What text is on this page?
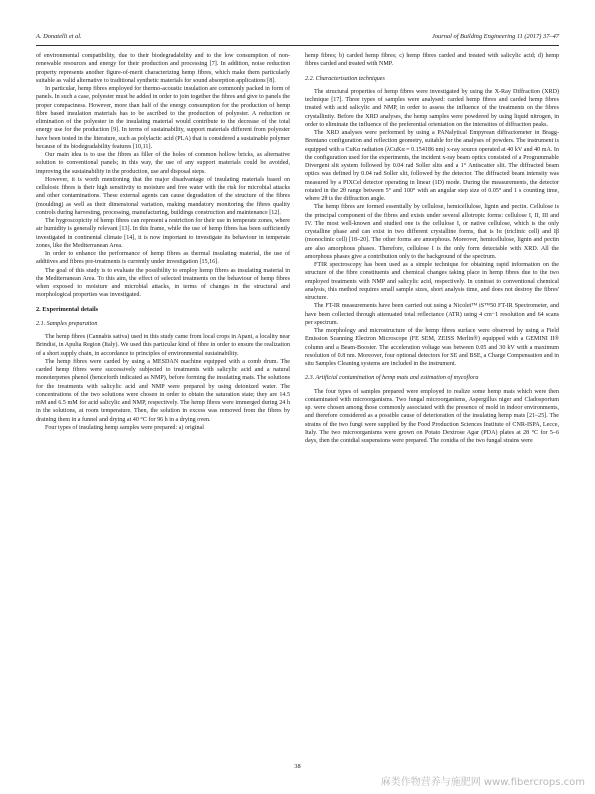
A. Donatelli et al.	Journal of Building Engineering 11 (2017) 37–47

of environmental compatibility, due to their biodegradability and to the low consumption of non-renewable resources and energy for their production and processing [7]. In addition, noise reduction property represents another figure-of-merit characterizing hemp fibres, which make them particularly suitable as valid alternative to traditional synthetic materials for sound absorption applications [8].

In particular, hemp fibres employed for thermo-acoustic insulation are commonly packed in form of panels. In such a case, polyester must be added in order to join together the fibres and give to panels the proper compactness. However, more than half of the energy consumption for the production of hemp fibre based insulation materials has to be ascribed to the production of polyester. A reduction or elimination of the polyester in the insulating material would contribute to the decrease of the total energy use for the production [9]. In terms of sustainability, support materials different from polyester have been tested in the literature, such as polylactic acid (PLA) that is considered a sustainable polymer because of its biodegradability features [10,11].

Our main idea is to use the fibres as filler of the holes of common hollow bricks, as alternative solution to conventional panels; in this way, the use of any support materials could be avoided, improving the sustainability in the production, use and disposal steps.

However, it is worth mentioning that the major disadvantage of insulating materials based on cellulosic fibres is their high sensitivity to moisture and free water with the risk for microbial attacks and other contaminations. These external agents can cause degradation of the structure of the fibres (moulding) as well as their dimensional variation, making mandatory monitoring the fibres quality controls during harvesting, processing, manufacturing, buildings construction and maintenance [12].

The hygroscopicity of hemp fibres can represent a restriction for their use in temperate zones, where air humidity is generally relevant [13]. In this frame, while the use of hemp fibres has been sufficiently investigated in continental climate [14], it is now important to investigate its behaviour in temperate zones, like the Mediterranean Area.

In order to enhance the performance of hemp fibres as thermal insulating material, the use of additives and fibres pre-treatments is currently under investigation [15,16].

The goal of this study is to evaluate the possibility to employ hemp fibres as insulating material in the Mediterranean Area. To this aim, the effect of selected treatments on the behaviour of hemp fibres when exposed to moisture and microbial attacks, in terms of changes in the structural and morphological properties was investigated.

2. Experimental details
2.1. Samples preparation

The hemp fibres (Cannabis sativa) used in this study came from local crops in Apani, a locality near Brindisi, in Apulia Region (Italy). We used this particular kind of fibre in order to ensure the realization of a short supply chain, in accordance to principles of environmental sustainability.

The hemp fibres were carded by using a MESDAN machine equipped with a comb drum. The carded hemp fibres were successively subjected to treatments with salicylic acid and a natural monoterpenes phenol (henceforth indicated as NMP), before forming the insulating mats. The solutions for the treatments with salicylic acid and NMP were prepared by using deionized water. The concentrations of the two solutions were chosen in order to obtain the saturation state; they are 14.5 mM and 6.5 mM for acid salicylic and NMP, respectively. The hemp fibres were immerged during 24 h in the solutions, at room temperature. Then, the solution in excess was removed from the fibres by draining them in a funnel and drying at 40 °C for 96 h in a drying oven.

Four types of insulating hemp samples were prepared: a) original

hemp fibres; b) carded hemp fibres; c) hemp fibres carded and treated with salicylic acid; d) hemp fibres carded and treated with NMP.

2.2. Characterisation techniques

The structural properties of hemp fibres were investigated by using the X-Ray Diffraction (XRD) technique [17]. Three types of samples were analysed: carded hemp fibres and carded hemp fibres treated with acid salicylic and NMP, in order to assess the influence of the treatments on the fibres crystallinity. Before the XRD analyses, the hemp samples were powdered by using liquid nitrogen, in order to eliminate the influence of the preferential orientation on the intensities of diffraction peaks.

The XRD analyses were performed by using a PANalytical Empyrean diffractometer in Bragg-Brentano configuration and reflection geometry, suitable for the analyses of powders. The instrument is equipped with a CuKα radiation (λCuKα = 0.154186 nm) x-ray source operated at 40 kV and 40 mA. In the configuration used for the experiments, the incident x-ray beam optics consisted of a Programmable Divergent slit system followed by 0.04 rad Soller slits and a 1° Antiscatter slit. The diffracted beam optics was defined by 0.04 rad Soller slit, followed by the detector. The diffracted beam intensity was measured by a PIXCel detector operating in linear (1D) mode. During the measurements, the detector rotated in the 2θ range between 5° and 100° with an angular step size of 0.05° and 1 s counting time, where 2θ is the diffraction angle.

The hemp fibres are formed essentially by cellulose, hemicellulose, lignin and pectin. Cellulose is the principal component of the fibres and exists under several allotropic forms: cellulose I, II, III and IV. The most well-known and studied one is the cellulose I, or native cellulose, which is the only crystalline phase and can exist in two different crystalline forms, that is Iα (triclinic cell) and Iβ (monoclinic cell) [18–20]. The other forms are amorphous. Moreover, hemicellulose, lignin and pectin are also amorphous phases. Therefore, cellulose I is the only form detectable with XRD. All the amorphous phases give a contribution only to the background of the spectrum.

FTIR spectroscopy has been used as a simple technique for obtaining rapid information on the structure of the fibre constituents and chemical changes taking place in hemp fibres due to the two employed treatments with NMP and salicylic acid, respectively. In contrast to conventional chemical analysis, this method requires small sample sizes, short analysis time, and does not destroy the fibres' structure.

The FT-IR measurements have been carried out using a Nicolet™ iS™50 FT-IR Spectrometer, and have been collected through attenuated total reflectance (ATR) using 4 cm−1 resolution and 64 scans per spectrum.

The morphology and microstructure of the hemp fibres surface were observed by using a Field Emission Scanning Electron Microscope (FE SEM, ZEISS Merlin®) equipped with a GEMINI II® column and a Beam-Booster. The acceleration voltage was between 0.05 and 30 kV with a maximum resolution of 0.8 nm. Moreover, four optional detectors for SE and BSE, a Charge Compensation and in situ Samples Cleaning systems are included in the instrument.

2.3. Artificial contamination of hemp mats and estimation of mycoflora

The four types of samples prepared were employed to realize some hemp mats which were then contaminated with microorganisms. Two fungal microorganisms, Aspergillus niger and Cladosporium sp. were chosen among those commonly associated with the presence of mold in indoor environments, and therefore considered as a possible cause of deterioration of the insulating hemp mats [21–25]. The strains of the two fungi were supplied by the Food Production Sciences Institute of CNR-ISPA, Lecce, Italy. The two microorganisms were grown on Potato Dextrose Agar (PDA) plates at 28 °C for 5–6 days, then the conidial suspensions were prepared. The conidia of the two fungal strains were

38
麻类作物营养与施肥网 www.fibercrops.com
